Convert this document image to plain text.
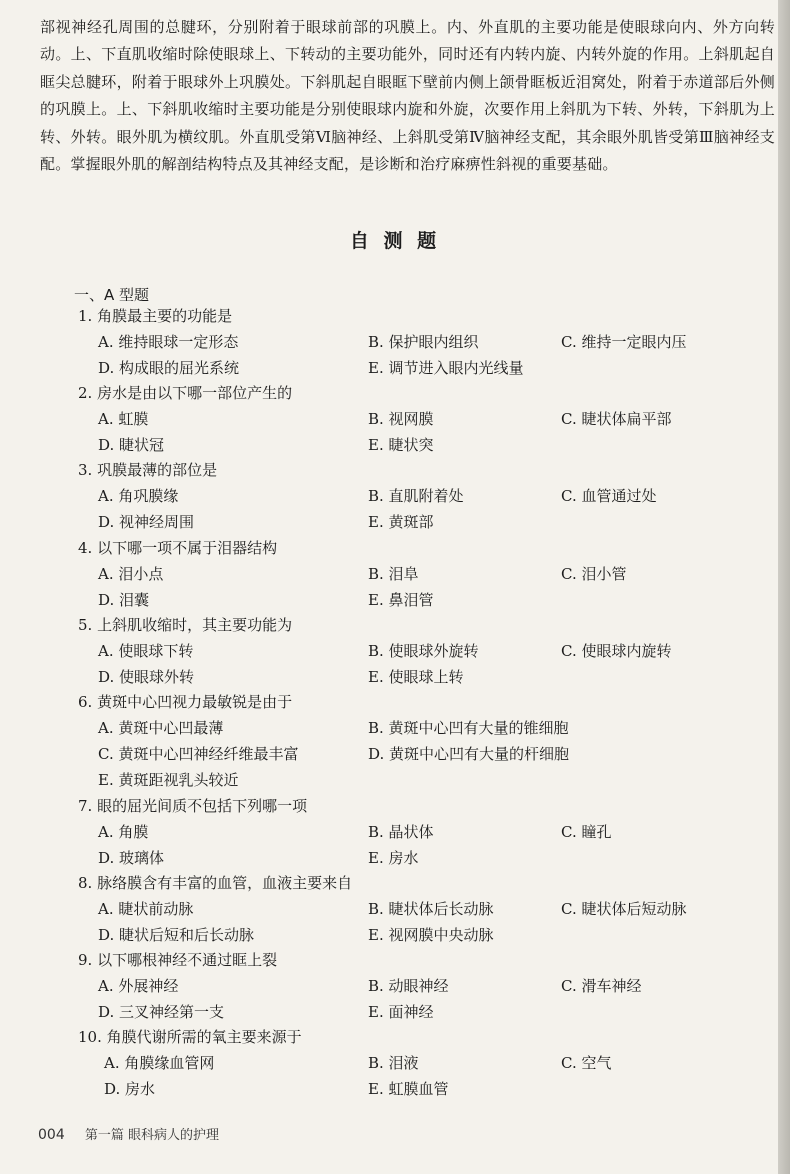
部视神经孔周围的总腱环，分别附着于眼球前部的巩膜上。内、外直肌的主要功能是使眼球向内、外方向转动。上、下直肌收缩时除使眼球上、下转动的主要功能外，同时还有内转内旋、内转外旋的作用。上斜肌起自眶尖总腱环，附着于眼球外上巩膜处。下斜肌起自眼眶下壁前内侧上颌骨眶板近泪窝处，附着于赤道部后外侧的巩膜上。上、下斜肌收缩时主要功能是分别使眼球内旋和外旋，次要作用上斜肌为下转、外转，下斜肌为上转、外转。眼外肌为横纹肌。外直肌受第Ⅵ脑神经、上斜肌受第Ⅳ脑神经支配，其余眼外肌皆受第Ⅲ脑神经支配。掌握眼外肌的解剖结构特点及其神经支配，是诊断和治疗麻痹性斜视的重要基础。

自 测 题
一、A 型题
1. 角膜最主要的功能是
A. 维持眼球一定形态	B. 保护眼内组织	C. 维持一定眼内压
D. 构成眼的屈光系统	E. 调节进入眼内光线量
2. 房水是由以下哪一部位产生的
A. 虹膜	B. 视网膜	C. 睫状体扁平部
D. 睫状冠	E. 睫状突
3. 巩膜最薄的部位是
A. 角巩膜缘	B. 直肌附着处	C. 血管通过处
D. 视神经周围	E. 黄斑部
4. 以下哪一项不属于泪器结构
A. 泪小点	B. 泪阜	C. 泪小管
D. 泪囊	E. 鼻泪管
5. 上斜肌收缩时，其主要功能为
A. 使眼球下转	B. 使眼球外旋转	C. 使眼球内旋转
D. 使眼球外转	E. 使眼球上转
6. 黄斑中心凹视力最敏锐是由于
A. 黄斑中心凹最薄	B. 黄斑中心凹有大量的锥细胞
C. 黄斑中心凹神经纤维最丰富	D. 黄斑中心凹有大量的杆细胞
E. 黄斑距视乳头较近
7. 眼的屈光间质不包括下列哪一项
A. 角膜	B. 晶状体	C. 瞳孔
D. 玻璃体	E. 房水
8. 脉络膜含有丰富的血管，血液主要来自
A. 睫状前动脉	B. 睫状体后长动脉	C. 睫状体后短动脉
D. 睫状后短和后长动脉	E. 视网膜中央动脉
9. 以下哪根神经不通过眶上裂
A. 外展神经	B. 动眼神经	C. 滑车神经
D. 三叉神经第一支	E. 面神经
10. 角膜代谢所需的氧主要来源于
A. 角膜缘血管网	B. 泪液	C. 空气
D. 房水	E. 虹膜血管
004 第一篇 眼科病人的护理
